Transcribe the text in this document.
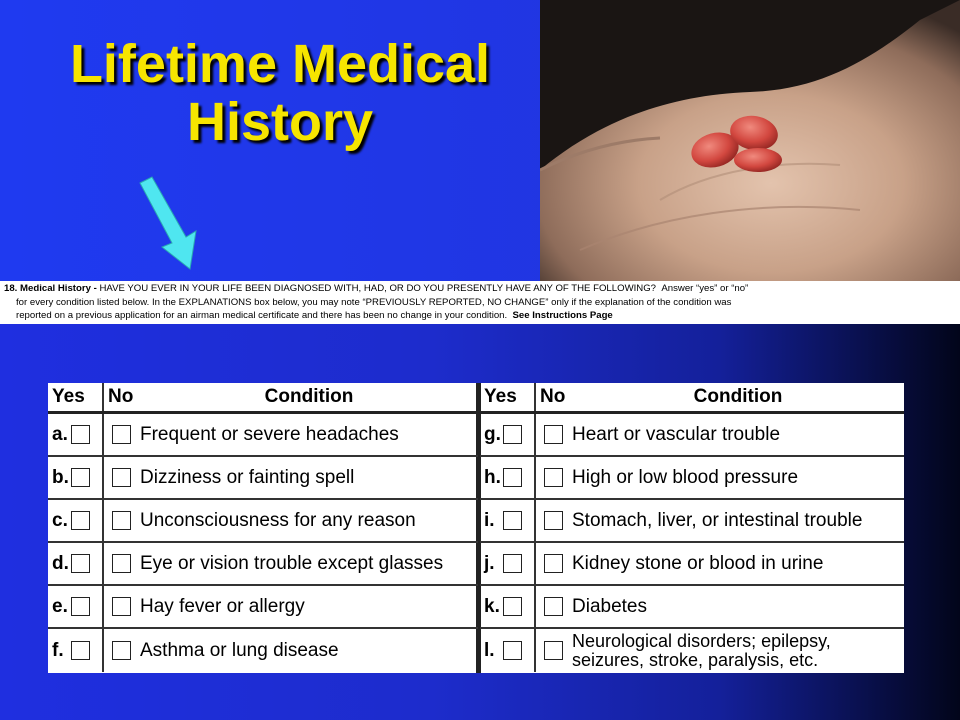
Lifetime Medical History
18. Medical History - HAVE YOU EVER IN YOUR LIFE BEEN DIAGNOSED WITH, HAD, OR DO YOU PRESENTLY HAVE ANY OF THE FOLLOWING? Answer “yes” or “no”
for every condition listed below. In the EXPLANATIONS box below, you may note “PREVIOUSLY REPORTED, NO CHANGE” only if the explanation of the condition was
reported on a previous application for an airman medical certificate and there has been no change in your condition. See Instructions Page
Yes	No	Condition
a.	Frequent or severe headaches
b.	Dizziness or fainting spell
c.	Unconsciousness for any reason
d.	Eye or vision trouble except glasses
e.	Hay fever or allergy
f.	Asthma or lung disease
Yes	No	Condition
g.	Heart or vascular trouble
h.	High or low blood pressure
i.	Stomach, liver, or intestinal trouble
j.	Kidney stone or blood in urine
k.	Diabetes
l.	Neurological disorders; epilepsy, seizures, stroke, paralysis, etc.
